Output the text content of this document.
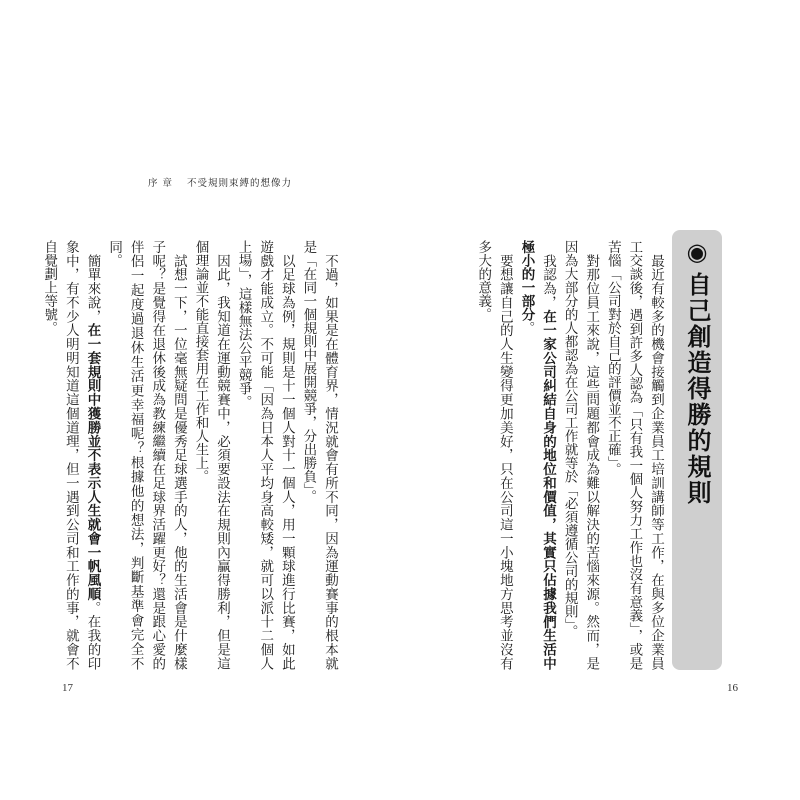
序 章 不受規則束縛的想像力
◉自己創造得勝的規則
最近有較多的機會接觸到企業員工培訓講師等工作，在與多位企業員工交談後，遇到許多人認為「只有我一個人努力工作也沒有意義」，或是苦惱「公司對於自己的評價並不正確」。
對那位員工來說，這些問題都會成為難以解決的苦惱來源。然而，是因為大部分的人都認為在公司工作就等於「必須遵循公司的規則」。
我認為，在一家公司糾結自身的地位和價值，其實只佔據我們生活中極小的一部分。
要想讓自己的人生變得更加美好，只在公司這一小塊地方思考並沒有多大的意義。
不過，如果是在體育界，情況就會有所不同，因為運動賽事的根本就是「在同一個規則中展開競爭，分出勝負」。
以足球為例，規則是十一個人對十一個人，用一顆球進行比賽，如此遊戲才能成立。不可能「因為日本人平均身高較矮，就可以派十二個人上場」，這樣無法公平競爭。
因此，我知道在運動競賽中，必須要設法在規則內贏得勝利，但是這個理論並不能直接套用在工作和人生上。
試想一下，一位毫無疑問是優秀足球選手的人，他的生活會是什麼樣子呢？是覺得在退休後成為教練繼續在足球界活躍更好？還是跟心愛的伴侶一起度過退休生活更幸福呢？根據他的想法，判斷基準會完全不同。
簡單來說，在一套規則中獲勝並不表示人生就會一帆風順。在我的印象中，有不少人明明知道這個道理，但一遇到公司和工作的事，就會不自覺劃上等號。
17	16
